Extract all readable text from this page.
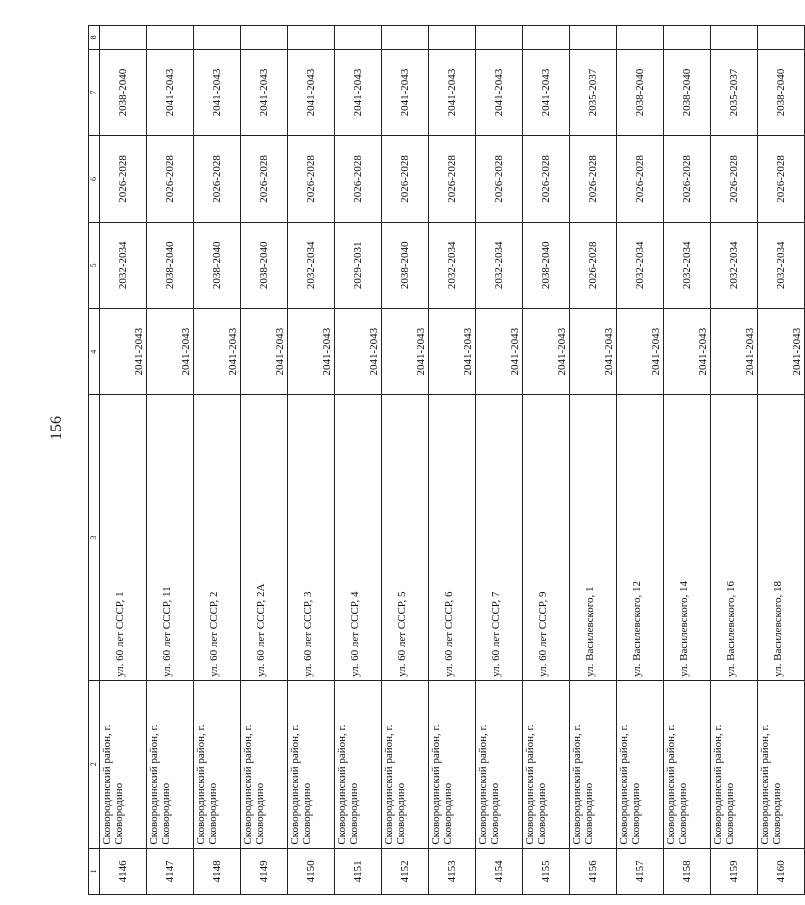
156
1	2	3	4	5	6	7	8
4146	Сковородинский район, г. Сковородино	ул. 60 лет СССР, 1	2041-2043	2032-2034	2026-2028	2038-2040	
4147	Сковородинский район, г. Сковородино	ул. 60 лет СССР, 11	2041-2043	2038-2040	2026-2028	2041-2043	
4148	Сковородинский район, г. Сковородино	ул. 60 лет СССР, 2	2041-2043	2038-2040	2026-2028	2041-2043	
4149	Сковородинский район, г. Сковородино	ул. 60 лет СССР, 2А	2041-2043	2038-2040	2026-2028	2041-2043	
4150	Сковородинский район, г. Сковородино	ул. 60 лет СССР, 3	2041-2043	2032-2034	2026-2028	2041-2043	
4151	Сковородинский район, г. Сковородино	ул. 60 лет СССР, 4	2041-2043	2029-2031	2026-2028	2041-2043	
4152	Сковородинский район, г. Сковородино	ул. 60 лет СССР, 5	2041-2043	2038-2040	2026-2028	2041-2043	
4153	Сковородинский район, г. Сковородино	ул. 60 лет СССР, 6	2041-2043	2032-2034	2026-2028	2041-2043	
4154	Сковородинский район, г. Сковородино	ул. 60 лет СССР, 7	2041-2043	2032-2034	2026-2028	2041-2043	
4155	Сковородинский район, г. Сковородино	ул. 60 лет СССР, 9	2041-2043	2038-2040	2026-2028	2041-2043	
4156	Сковородинский район, г. Сковородино	ул. Василевского, 1	2041-2043	2026-2028	2026-2028	2035-2037	
4157	Сковородинский район, г. Сковородино	ул. Василевского, 12	2041-2043	2032-2034	2026-2028	2038-2040	
4158	Сковородинский район, г. Сковородино	ул. Василевского, 14	2041-2043	2032-2034	2026-2028	2038-2040	
4159	Сковородинский район, г. Сковородино	ул. Василевского, 16	2041-2043	2032-2034	2026-2028	2035-2037	
4160	Сковородинский район, г. Сковородино	ул. Василевского, 18	2041-2043	2032-2034	2026-2028	2038-2040	
